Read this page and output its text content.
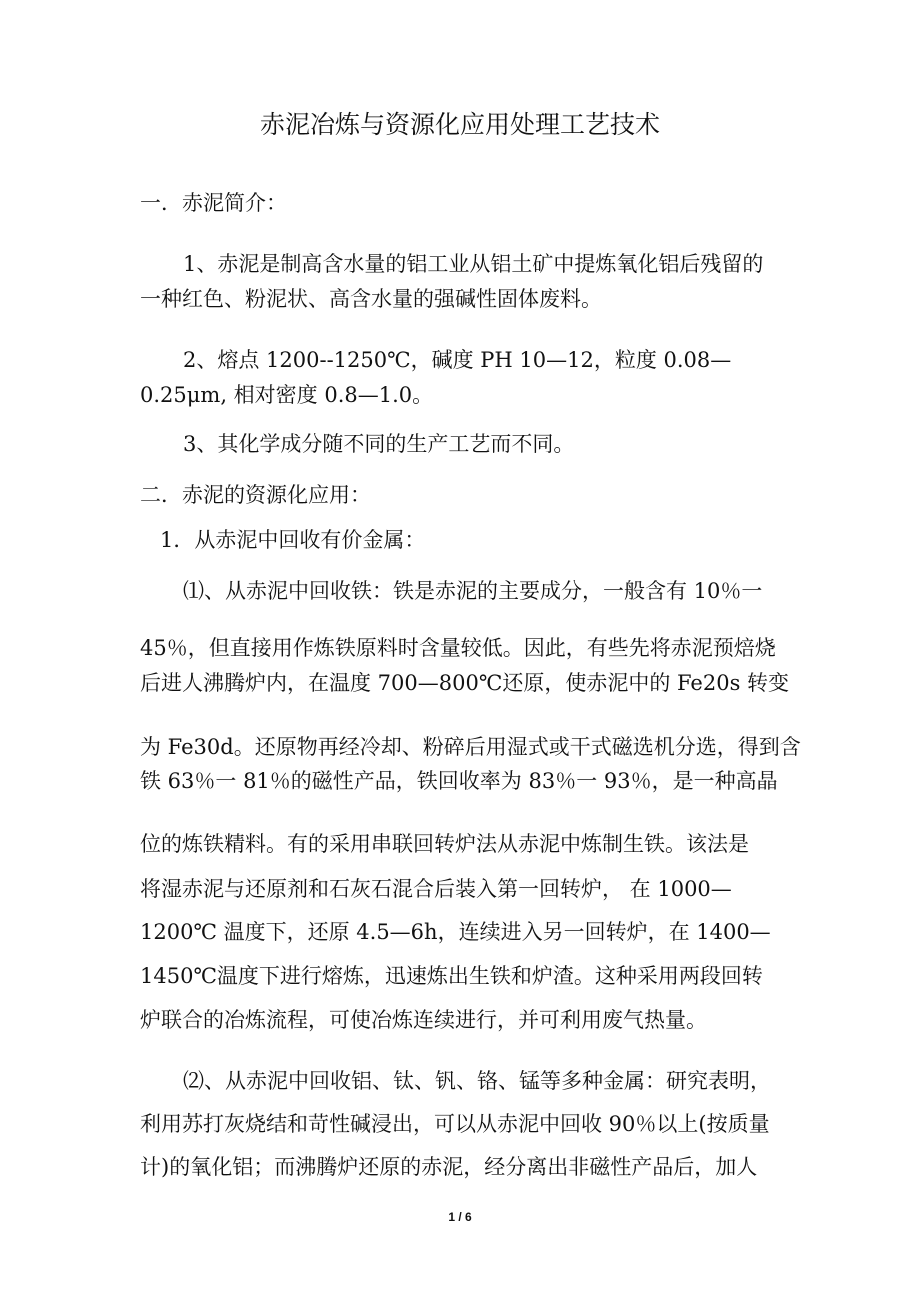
赤泥冶炼与资源化应用处理工艺技术

一．赤泥简介：

1、赤泥是制高含水量的铝工业从铝土矿中提炼氧化铝后残留的

一种红色、粉泥状、高含水量的强碱性固体废料。

2、熔点 1200--1250℃，碱度 PH 10—12，粒度 0.08—

0.25μm, 相对密度 0.8—1.0。

3、其化学成分随不同的生产工艺而不同。

二．赤泥的资源化应用：

1．从赤泥中回收有价金属：

⑴、从赤泥中回收铁：铁是赤泥的主要成分，一般含有 10％一

45％，但直接用作炼铁原料时含量较低。因此，有些先将赤泥预焙烧

后进人沸腾炉内，在温度 700—800℃还原，使赤泥中的 Fe20s 转变

为 Fe30d。还原物再经冷却、粉碎后用湿式或干式磁选机分选，得到含

铁 63％一 81％的磁性产品，铁回收率为 83％一 93％，是一种高晶

位的炼铁精料。有的采用串联回转炉法从赤泥中炼制生铁。该法是

将湿赤泥与还原剂和石灰石混合后装入第一回转炉， 在 1000—

1200℃ 温度下，还原 4.5—6h，连续进入另一回转炉，在 1400—

1450℃温度下进行熔炼，迅速炼出生铁和炉渣。这种采用两段回转

炉联合的冶炼流程，可使冶炼连续进行，并可利用废气热量。

⑵、从赤泥中回收铝、钛、钒、铬、锰等多种金属：研究表明，

利用苏打灰烧结和苛性碱浸出，可以从赤泥中回收 90％以上(按质量

计)的氧化铝；而沸腾炉还原的赤泥，经分离出非磁性产品后，加人

1 / 6
